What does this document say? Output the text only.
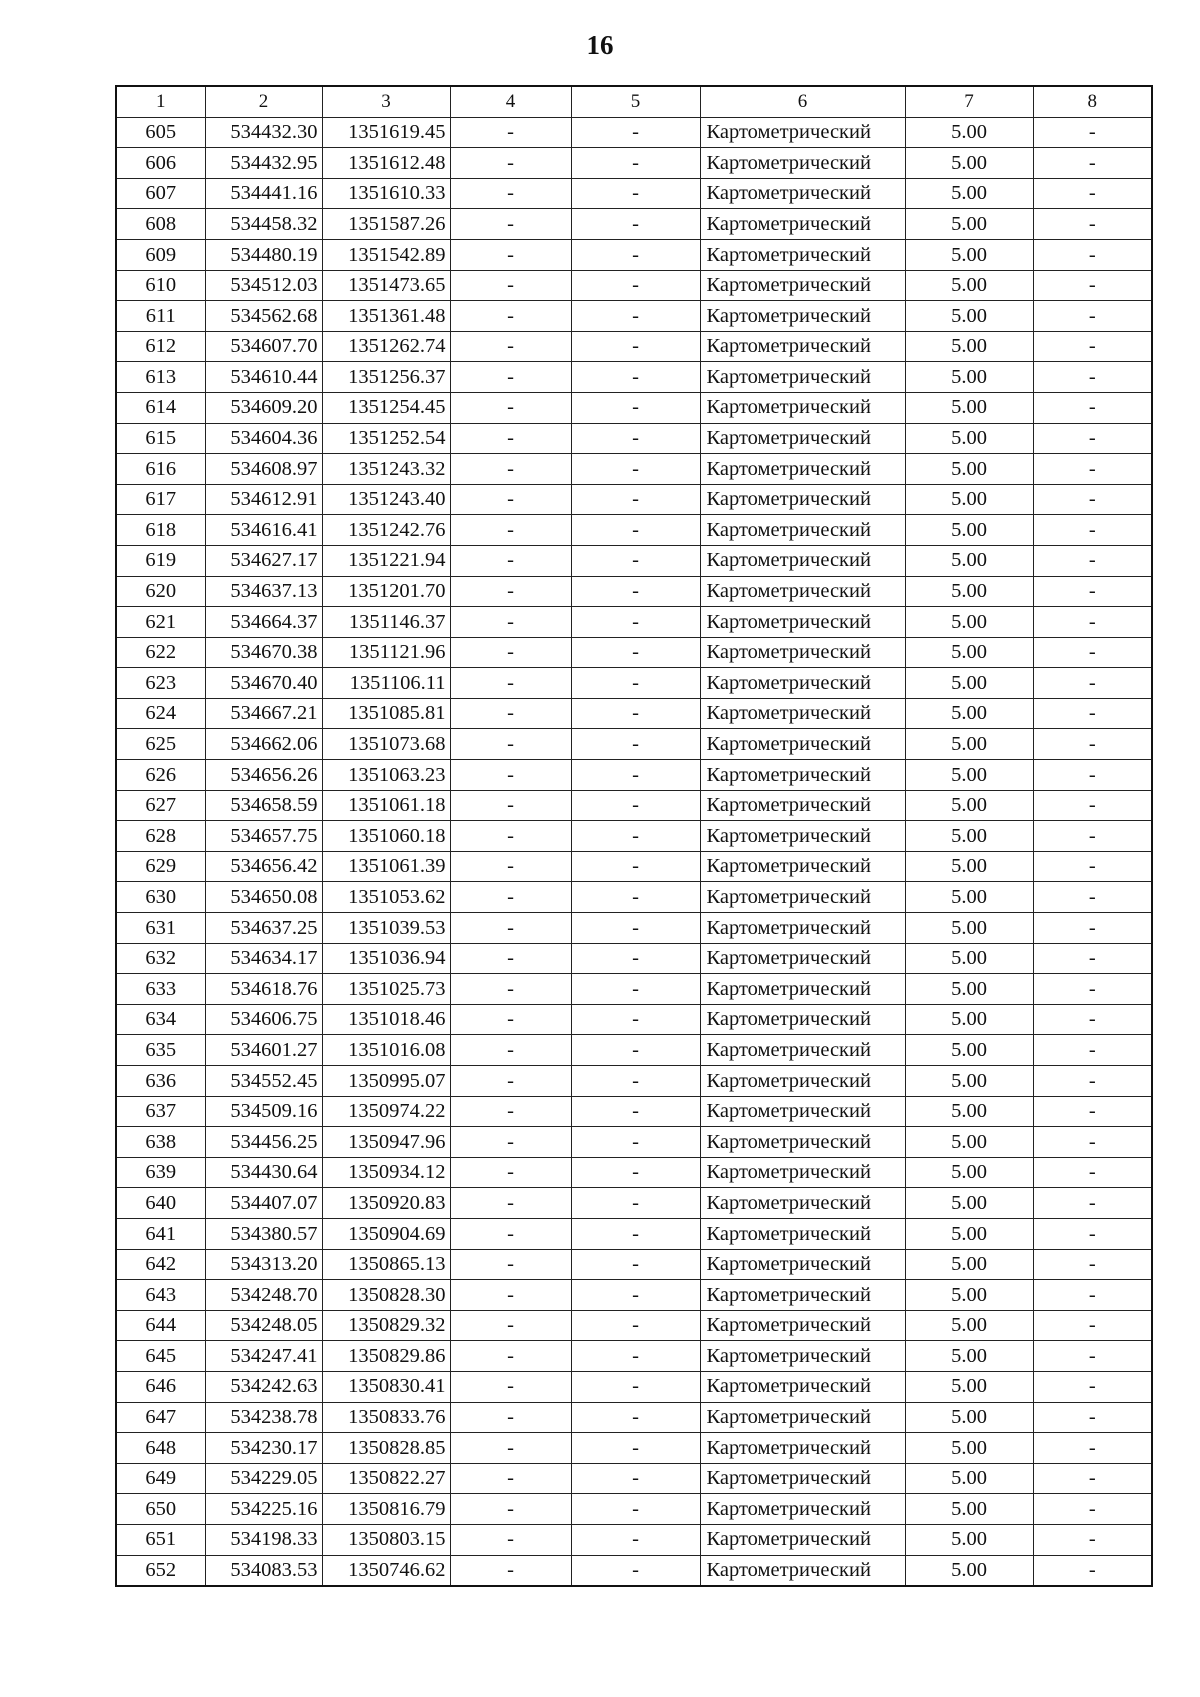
16
1	2	3	4	5	6	7	8
605	534432.30	1351619.45	-	-	Картометрический	5.00	-
606	534432.95	1351612.48	-	-	Картометрический	5.00	-
607	534441.16	1351610.33	-	-	Картометрический	5.00	-
608	534458.32	1351587.26	-	-	Картометрический	5.00	-
609	534480.19	1351542.89	-	-	Картометрический	5.00	-
610	534512.03	1351473.65	-	-	Картометрический	5.00	-
611	534562.68	1351361.48	-	-	Картометрический	5.00	-
612	534607.70	1351262.74	-	-	Картометрический	5.00	-
613	534610.44	1351256.37	-	-	Картометрический	5.00	-
614	534609.20	1351254.45	-	-	Картометрический	5.00	-
615	534604.36	1351252.54	-	-	Картометрический	5.00	-
616	534608.97	1351243.32	-	-	Картометрический	5.00	-
617	534612.91	1351243.40	-	-	Картометрический	5.00	-
618	534616.41	1351242.76	-	-	Картометрический	5.00	-
619	534627.17	1351221.94	-	-	Картометрический	5.00	-
620	534637.13	1351201.70	-	-	Картометрический	5.00	-
621	534664.37	1351146.37	-	-	Картометрический	5.00	-
622	534670.38	1351121.96	-	-	Картометрический	5.00	-
623	534670.40	1351106.11	-	-	Картометрический	5.00	-
624	534667.21	1351085.81	-	-	Картометрический	5.00	-
625	534662.06	1351073.68	-	-	Картометрический	5.00	-
626	534656.26	1351063.23	-	-	Картометрический	5.00	-
627	534658.59	1351061.18	-	-	Картометрический	5.00	-
628	534657.75	1351060.18	-	-	Картометрический	5.00	-
629	534656.42	1351061.39	-	-	Картометрический	5.00	-
630	534650.08	1351053.62	-	-	Картометрический	5.00	-
631	534637.25	1351039.53	-	-	Картометрический	5.00	-
632	534634.17	1351036.94	-	-	Картометрический	5.00	-
633	534618.76	1351025.73	-	-	Картометрический	5.00	-
634	534606.75	1351018.46	-	-	Картометрический	5.00	-
635	534601.27	1351016.08	-	-	Картометрический	5.00	-
636	534552.45	1350995.07	-	-	Картометрический	5.00	-
637	534509.16	1350974.22	-	-	Картометрический	5.00	-
638	534456.25	1350947.96	-	-	Картометрический	5.00	-
639	534430.64	1350934.12	-	-	Картометрический	5.00	-
640	534407.07	1350920.83	-	-	Картометрический	5.00	-
641	534380.57	1350904.69	-	-	Картометрический	5.00	-
642	534313.20	1350865.13	-	-	Картометрический	5.00	-
643	534248.70	1350828.30	-	-	Картометрический	5.00	-
644	534248.05	1350829.32	-	-	Картометрический	5.00	-
645	534247.41	1350829.86	-	-	Картометрический	5.00	-
646	534242.63	1350830.41	-	-	Картометрический	5.00	-
647	534238.78	1350833.76	-	-	Картометрический	5.00	-
648	534230.17	1350828.85	-	-	Картометрический	5.00	-
649	534229.05	1350822.27	-	-	Картометрический	5.00	-
650	534225.16	1350816.79	-	-	Картометрический	5.00	-
651	534198.33	1350803.15	-	-	Картометрический	5.00	-
652	534083.53	1350746.62	-	-	Картометрический	5.00	-
